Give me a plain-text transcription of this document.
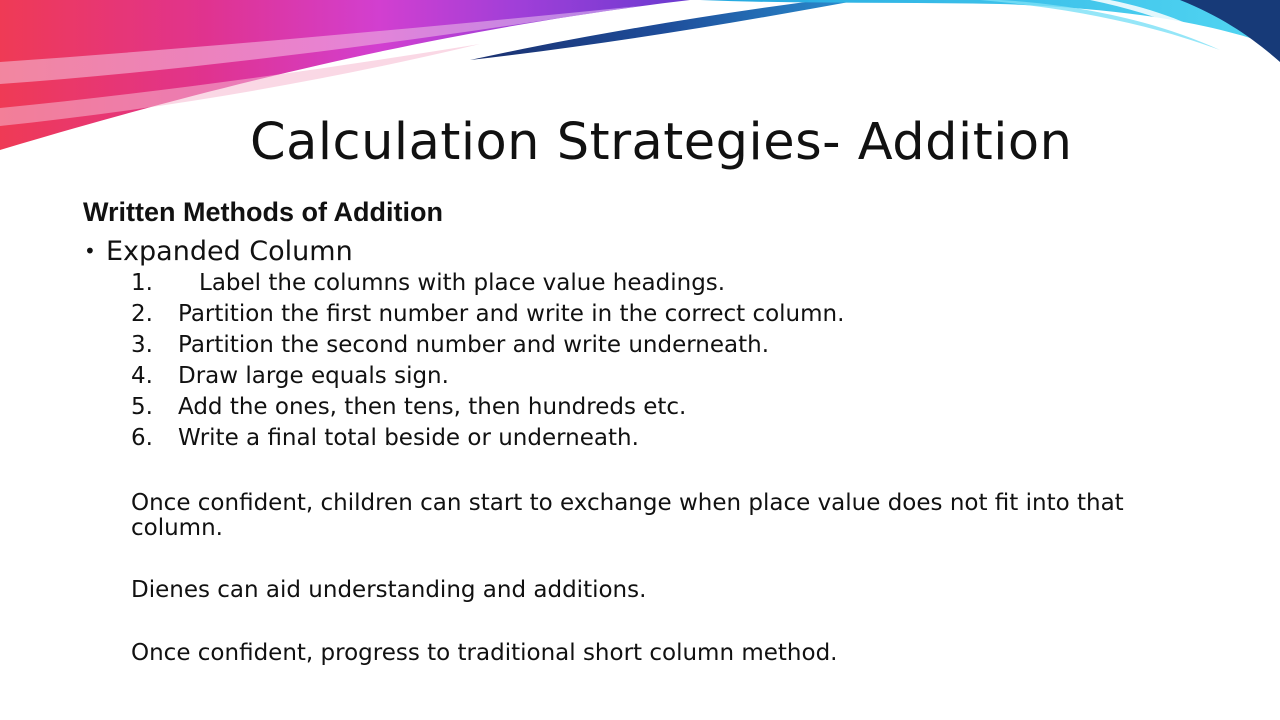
Calculation Strategies- Addition
Written Methods of Addition
• Expanded Column
1. Label the columns with place value headings.
2. Partition the first number and write in the correct column.
3. Partition the second number and write underneath.
4. Draw large equals sign.
5. Add the ones, then tens, then hundreds etc.
6. Write a final total beside or underneath.
Once confident, children can start to exchange when place value does not fit into that column.
Dienes can aid understanding and additions.
Once confident, progress to traditional short column method.
